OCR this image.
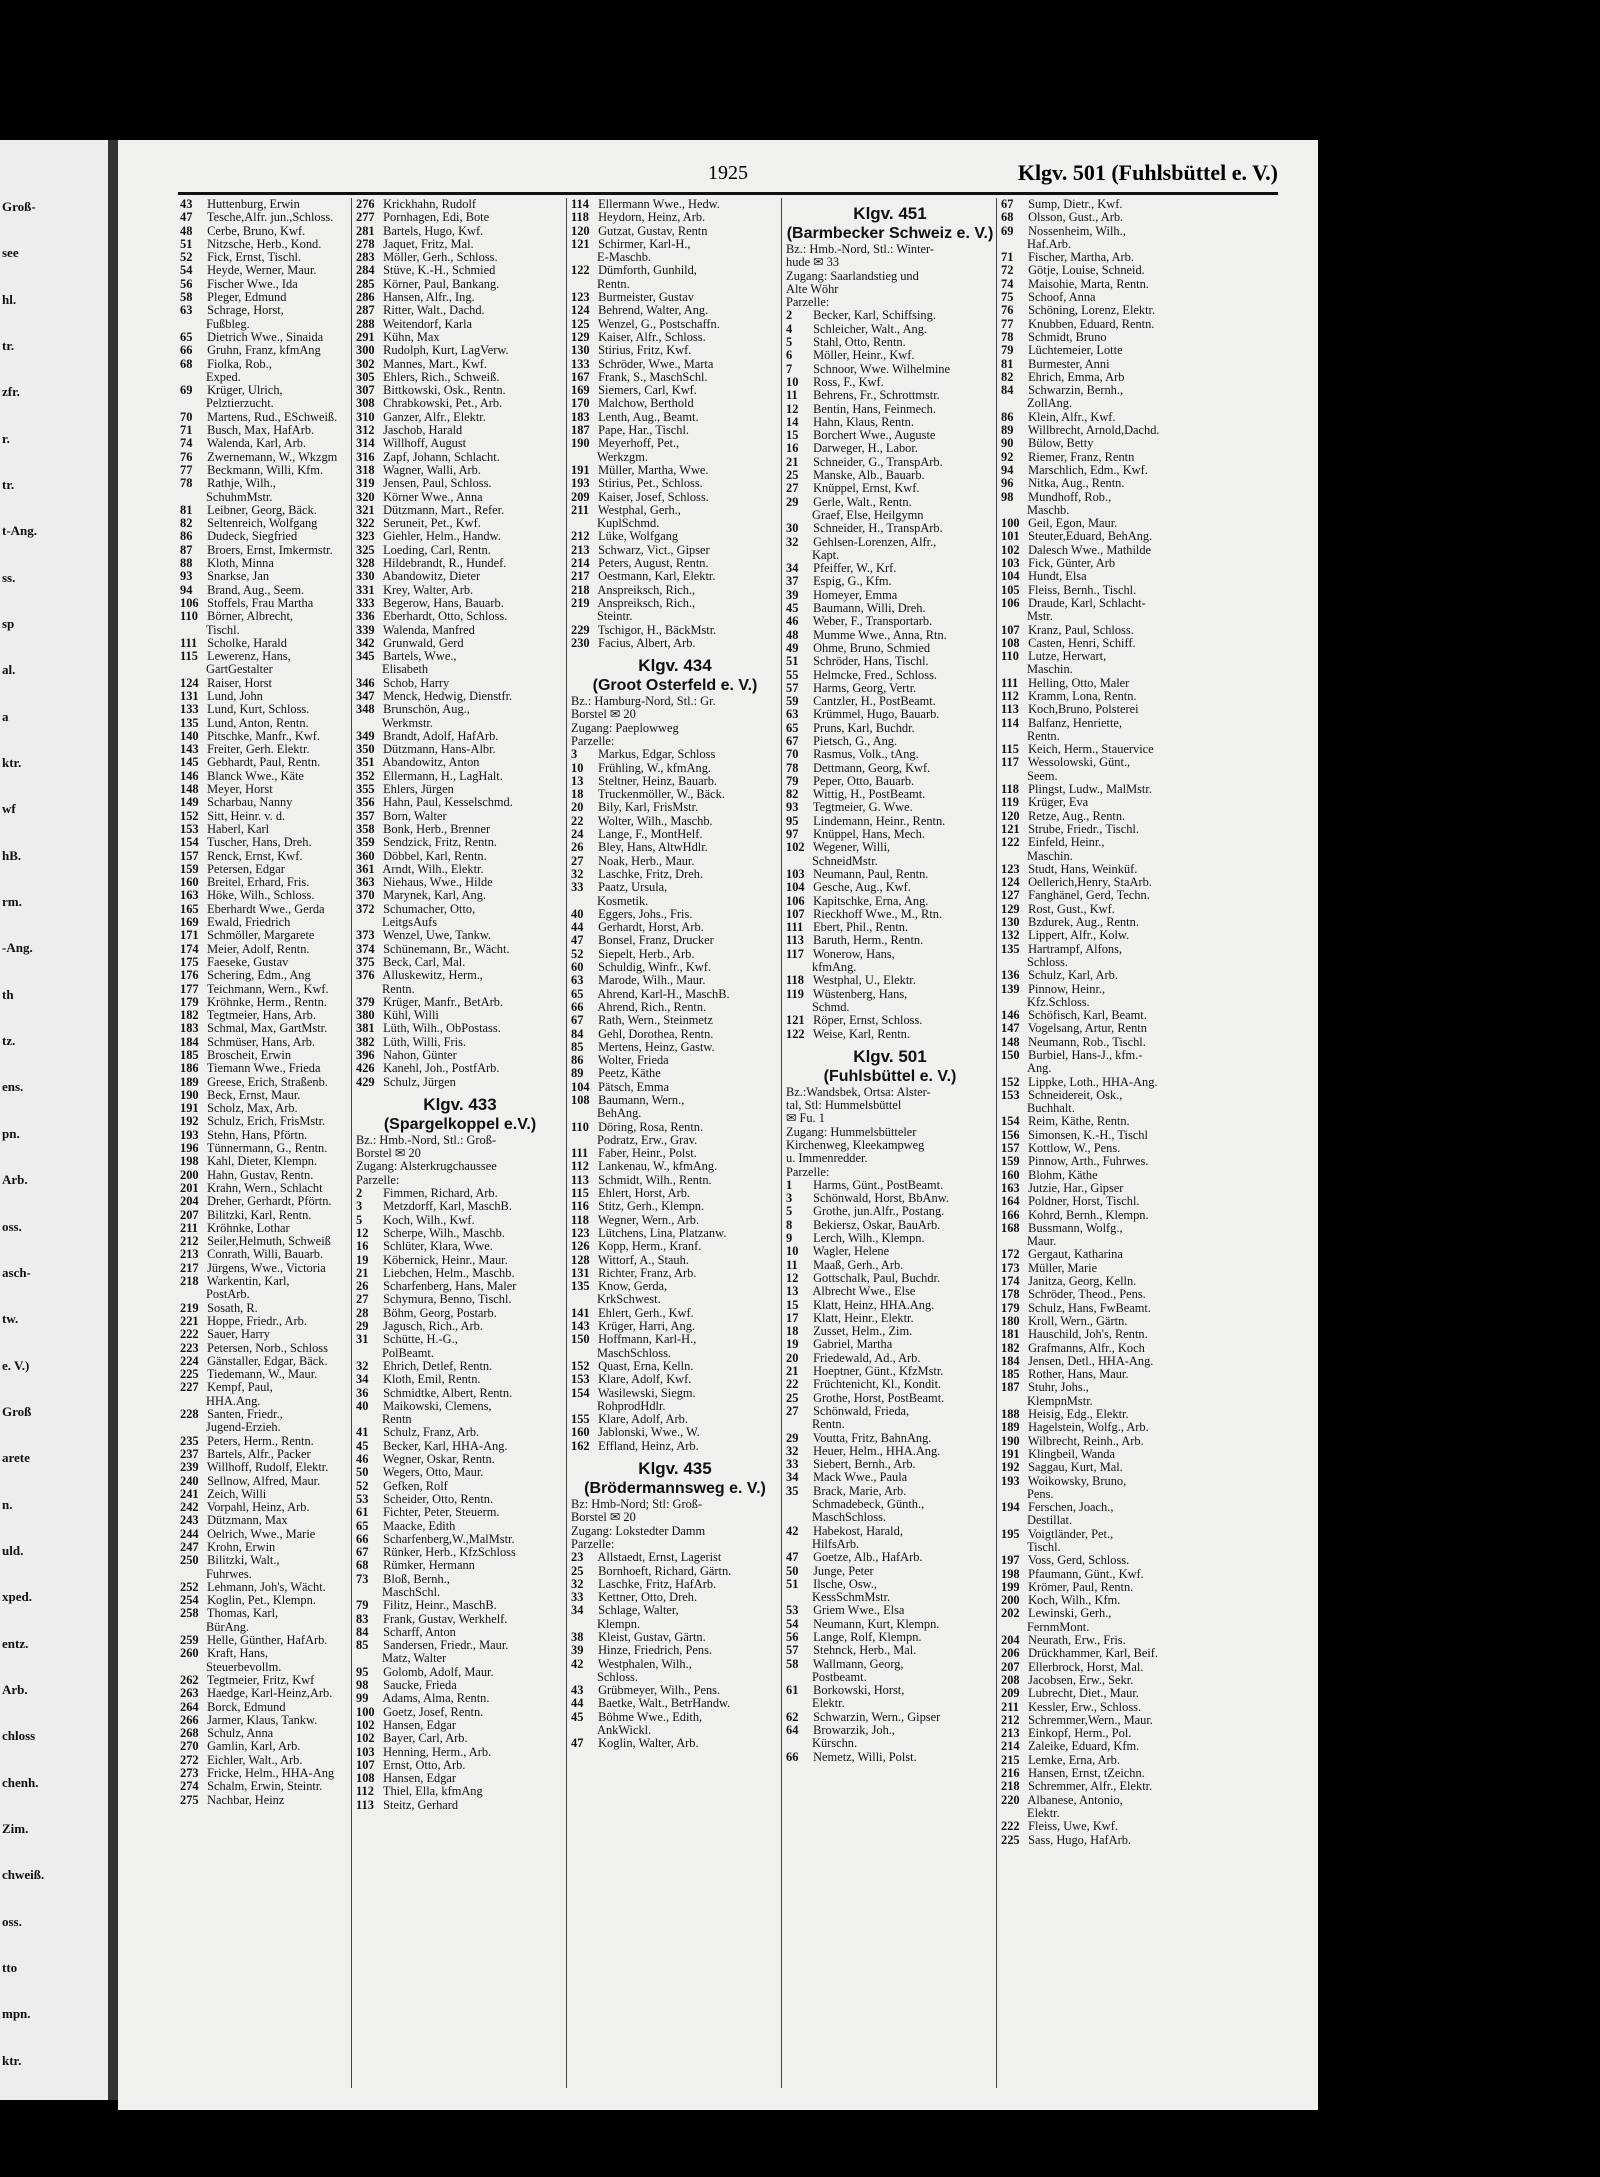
Groß-
see
hl.
tr.
zfr.
r.
tr.
t-Ang.
ss.
sp
al.
a
ktr.
wf
hB.
rm.
-Ang.
th
tz.
ens.
pn.
Arb.
oss.
asch-
tw.
e. V.)
Groß
arete
n.
uld.
xped.
entz.
Arb.
chloss
chenh.
Zim.
chweiß.
oss.
tto
mpn.
ktr.
1925	Klgv. 501 (Fuhlsbüttel e. V.)
43 Huttenburg, Erwin
47 Tesche,Alfr. jun.,Schloss.
48 Cerbe, Bruno, Kwf.
51 Nitzsche, Herb., Kond.
52 Fick, Ernst, Tischl.
54 Heyde, Werner, Maur.
56 Fischer Wwe., Ida
58 Pleger, Edmund
63 Schrage, Horst,
Fußbleg.
65 Dietrich Wwe., Sinaida
66 Gruhn, Franz, kfmAng
68 Fiolka, Rob.,
Exped.
69 Krüger, Ulrich,
Pelztierzucht.
70 Martens, Rud., ESchweiß.
71 Busch, Max, HafArb.
74 Walenda, Karl, Arb.
76 Zwernemann, W., Wkzgm
77 Beckmann, Willi, Kfm.
78 Rathje, Wilh.,
SchuhmMstr.
81 Leibner, Georg, Bäck.
82 Seltenreich, Wolfgang
86 Dudeck, Siegfried
87 Broers, Ernst, Imkermstr.
88 Kloth, Minna
93 Snarkse, Jan
94 Brand, Aug., Seem.
106 Stoffels, Frau Martha
110 Börner, Albrecht,
Tischl.
111 Scholke, Harald
115 Lewerenz, Hans,
GartGestalter
124 Raiser, Horst
131 Lund, John
133 Lund, Kurt, Schloss.
135 Lund, Anton, Rentn.
140 Pitschke, Manfr., Kwf.
143 Freiter, Gerh. Elektr.
145 Gebhardt, Paul, Rentn.
146 Blanck Wwe., Käte
148 Meyer, Horst
149 Scharbau, Nanny
152 Sitt, Heinr. v. d.
153 Haberl, Karl
154 Tuscher, Hans, Dreh.
157 Renck, Ernst, Kwf.
159 Petersen, Edgar
160 Breitel, Erhard, Fris.
163 Höke, Wilh., Schloss.
165 Eberhardt Wwe., Gerda
169 Ewald, Friedrich
171 Schmöller, Margarete
174 Meier, Adolf, Rentn.
175 Faeseke, Gustav
176 Schering, Edm., Ang
177 Teichmann, Wern., Kwf.
179 Kröhnke, Herm., Rentn.
182 Tegtmeier, Hans, Arb.
183 Schmal, Max, GartMstr.
184 Schmüser, Hans, Arb.
185 Broscheit, Erwin
186 Tiemann Wwe., Frieda
189 Greese, Erich, Straßenb.
190 Beck, Ernst, Maur.
191 Scholz, Max, Arb.
192 Schulz, Erich, FrisMstr.
193 Stehn, Hans, Pförtn.
196 Tünnermann, G., Rentn.
198 Kahl, Dieter, Klempn.
200 Hahn, Gustav, Rentn.
201 Krahn, Wern., Schlacht
204 Dreher, Gerhardt, Pförtn.
207 Bilitzki, Karl, Rentn.
211 Kröhnke, Lothar
212 Seiler,Helmuth, Schweiß
213 Conrath, Willi, Bauarb.
217 Jürgens, Wwe., Victoria
218 Warkentin, Karl,
PostArb.
219 Sosath, R.
221 Hoppe, Friedr., Arb.
222 Sauer, Harry
223 Petersen, Norb., Schloss
224 Gänstaller, Edgar, Bäck.
225 Tiedemann, W., Maur.
227 Kempf, Paul,
HHA.Ang.
228 Santen, Friedr.,
Jugend-Erzieh.
235 Peters, Herm., Rentn.
237 Bartels, Alfr., Packer
239 Willhoff, Rudolf, Elektr.
240 Sellnow, Alfred, Maur.
241 Zeich, Willi
242 Vorpahl, Heinz, Arb.
243 Dützmann, Max
244 Oelrich, Wwe., Marie
247 Krohn, Erwin
250 Bilitzki, Walt.,
Fuhrwes.
252 Lehmann, Joh's, Wächt.
254 Koglin, Pet., Klempn.
258 Thomas, Karl,
BürAng.
259 Helle, Günther, HafArb.
260 Kraft, Hans,
Steuerbevollm.
262 Tegtmeier, Fritz, Kwf
263 Haedge, Karl-Heinz,Arb.
264 Borck, Edmund
266 Jarmer, Klaus, Tankw.
268 Schulz, Anna
270 Gamlin, Karl, Arb.
272 Eichler, Walt., Arb.
273 Fricke, Helm., HHA-Ang
274 Schalm, Erwin, Steintr.
275 Nachbar, Heinz
276 Krickhahn, Rudolf
277 Pornhagen, Edi, Bote
281 Bartels, Hugo, Kwf.
278 Jaquet, Fritz, Mal.
283 Möller, Gerh., Schloss.
284 Stüve, K.-H., Schmied
285 Körner, Paul, Bankang.
286 Hansen, Alfr., Ing.
287 Ritter, Walt., Dachd.
288 Weitendorf, Karla
291 Kühn, Max
300 Rudolph, Kurt, LagVerw.
302 Mannes, Mart., Kwf.
305 Ehlers, Rich., Schweiß.
307 Bittkowski, Osk., Rentn.
308 Chrabkowski, Pet., Arb.
310 Ganzer, Alfr., Elektr.
312 Jaschob, Harald
314 Willhoff, August
316 Zapf, Johann, Schlacht.
318 Wagner, Walli, Arb.
319 Jensen, Paul, Schloss.
320 Körner Wwe., Anna
321 Dützmann, Mart., Refer.
322 Seruneit, Pet., Kwf.
323 Giehler, Helm., Handw.
325 Loeding, Carl, Rentn.
328 Hildebrandt, R., Hundef.
330 Abandowitz, Dieter
331 Krey, Walter, Arb.
333 Begerow, Hans, Bauarb.
336 Eberhardt, Otto, Schloss.
339 Walenda, Manfred
342 Grunwald, Gerd
345 Bartels, Wwe.,
Elisabeth
346 Schob, Harry
347 Menck, Hedwig, Dienstfr.
348 Brunschön, Aug.,
Werkmstr.
349 Brandt, Adolf, HafArb.
350 Dützmann, Hans-Albr.
351 Abandowitz, Anton
352 Ellermann, H., LagHalt.
355 Ehlers, Jürgen
356 Hahn, Paul, Kesselschmd.
357 Born, Walter
358 Bonk, Herb., Brenner
359 Sendzick, Fritz, Rentn.
360 Döbbel, Karl, Rentn.
361 Arndt, Wilh., Elektr.
363 Niehaus, Wwe., Hilde
370 Marynek, Karl, Ang.
372 Schumacher, Otto,
LeitgsAufs
373 Wenzel, Uwe, Tankw.
374 Schünemann, Br., Wächt.
375 Beck, Carl, Mal.
376 Alluskewitz, Herm.,
Rentn.
379 Krüger, Manfr., BetArb.
380 Kühl, Willi
381 Lüth, Wilh., ObPostass.
382 Lüth, Willi, Fris.
396 Nahon, Günter
426 Kanehl, Joh., PostfArb.
429 Schulz, Jürgen
Klgv. 433
(Spargelkoppel e.V.)
Bz.: Hmb.-Nord, Stl.: Groß-
Borstel ✉ 20
Zugang: Alsterkrugchaussee
Parzelle:
2 Fimmen, Richard, Arb.
3 Metzdorff, Karl, MaschB.
5 Koch, Wilh., Kwf.
12 Scherpe, Wilh., Maschb.
16 Schlüter, Klara, Wwe.
19 Köbernick, Heinr., Maur.
21 Liebchen, Helm., Maschb.
26 Scharfenberg, Hans, Maler
27 Schymura, Benno, Tischl.
28 Böhm, Georg, Postarb.
29 Jagusch, Rich., Arb.
31 Schütte, H.-G.,
PolBeamt.
32 Ehrich, Detlef, Rentn.
34 Kloth, Emil, Rentn.
36 Schmidtke, Albert, Rentn.
40 Maikowski, Clemens,
Rentn
41 Schulz, Franz, Arb.
45 Becker, Karl, HHA-Ang.
46 Wegner, Oskar, Rentn.
50 Wegers, Otto, Maur.
52 Gefken, Rolf
53 Scheider, Otto, Rentn.
61 Fichter, Peter, Steuerm.
65 Maacke, Edith
66 Scharfenberg,W.,MalMstr.
67 Rünker, Herb., KfzSchloss
68 Rümker, Hermann
73 Bloß, Bernh.,
MaschSchl.
79 Filitz, Heinr., MaschB.
83 Frank, Gustav, Werkhelf.
84 Scharff, Anton
85 Sandersen, Friedr., Maur.
Matz, Walter
95 Golomb, Adolf, Maur.
98 Saucke, Frieda
99 Adams, Alma, Rentn.
100 Goetz, Josef, Rentn.
102 Hansen, Edgar
102 Bayer, Carl, Arb.
103 Henning, Herm., Arb.
107 Ernst, Otto, Arb.
108 Hansen, Edgar
112 Thiel, Ella, kfmAng
113 Steitz, Gerhard
114 Ellermann Wwe., Hedw.
118 Heydorn, Heinz, Arb.
120 Gutzat, Gustav, Rentn
121 Schirmer, Karl-H.,
E-Maschb.
122 Dümforth, Gunhild,
Rentn.
123 Burmeister, Gustav
124 Behrend, Walter, Ang.
125 Wenzel, G., Postschaffn.
129 Kaiser, Alfr., Schloss.
130 Stirius, Fritz, Kwf.
133 Schröder, Wwe., Marta
167 Frank, S., MaschSchl.
169 Siemers, Carl, Kwf.
170 Malchow, Berthold
183 Lenth, Aug., Beamt.
187 Pape, Har., Tischl.
190 Meyerhoff, Pet.,
Werkzgm.
191 Müller, Martha, Wwe.
193 Stirius, Pet., Schloss.
209 Kaiser, Josef, Schloss.
211 Westphal, Gerh.,
KuplSchmd.
212 Lüke, Wolfgang
213 Schwarz, Vict., Gipser
214 Peters, August, Rentn.
217 Oestmann, Karl, Elektr.
218 Anspreiksch, Rich.,
219 Anspreiksch, Rich.,
Steintr.
229 Tschigor, H., BäckMstr.
230 Facius, Albert, Arb.
Klgv. 434
(Groot Osterfeld e. V.)
Bz.: Hamburg-Nord, Stl.: Gr.
Borstel ✉ 20
Zugang: Paeplowweg
Parzelle:
3 Markus, Edgar, Schloss
10 Frühling, W., kfmAng.
13 Steltner, Heinz, Bauarb.
18 Truckenmöller, W., Bäck.
20 Bily, Karl, FrisMstr.
22 Wolter, Wilh., Maschb.
24 Lange, F., MontHelf.
26 Bley, Hans, AltwHdlr.
27 Noak, Herb., Maur.
32 Laschke, Fritz, Dreh.
33 Paatz, Ursula,
Kosmetik.
40 Eggers, Johs., Fris.
44 Gerhardt, Horst, Arb.
47 Bonsel, Franz, Drucker
52 Siepelt, Herb., Arb.
60 Schuldig, Winfr., Kwf.
63 Marode, Wilh., Maur.
65 Ahrend, Karl-H., MaschB.
66 Ahrend, Rich., Rentn.
67 Rath, Wern., Steinmetz
84 Gehl, Dorothea, Rentn.
85 Mertens, Heinz, Gastw.
86 Wolter, Frieda
89 Peetz, Käthe
104 Pätsch, Emma
108 Baumann, Wern.,
BehAng.
110 Döring, Rosa, Rentn.
Podratz, Erw., Grav.
111 Faber, Heinr., Polst.
112 Lankenau, W., kfmAng.
113 Schmidt, Wilh., Rentn.
115 Ehlert, Horst, Arb.
116 Stitz, Gerh., Klempn.
118 Wegner, Wern., Arb.
123 Lütchens, Lina, Platzanw.
126 Kopp, Herm., Kranf.
128 Wittorf, A., Stauh.
131 Richter, Franz, Arb.
135 Know, Gerda,
KrkSchwest.
141 Ehlert, Gerh., Kwf.
143 Krüger, Harri, Ang.
150 Hoffmann, Karl-H.,
MaschSchloss.
152 Quast, Erna, Kelln.
153 Klare, Adolf, Kwf.
154 Wasilewski, Siegm.
RohprodHdlr.
155 Klare, Adolf, Arb.
160 Jablonski, Wwe., W.
162 Effland, Heinz, Arb.
Klgv. 435
(Brödermannsweg e. V.)
Bz: Hmb-Nord; Stl: Groß-
Borstel ✉ 20
Zugang: Lokstedter Damm
Parzelle:
23 Allstaedt, Ernst, Lagerist
25 Bornhoeft, Richard, Gärtn.
32 Laschke, Fritz, HafArb.
33 Kettner, Otto, Dreh.
34 Schlage, Walter,
Klempn.
38 Kleist, Gustav, Gärtn.
39 Hinze, Friedrich, Pens.
42 Westphalen, Wilh.,
Schloss.
43 Grübmeyer, Wilh., Pens.
44 Baetke, Walt., BetrHandw.
45 Böhme Wwe., Edith,
AnkWickl.
47 Koglin, Walter, Arb.
Klgv. 451
(Barmbecker Schweiz e. V.)
Bz.: Hmb.-Nord, Stl.: Winter-
hude ✉ 33
Zugang: Saarlandstieg und
Alte Wöhr
Parzelle:
2 Becker, Karl, Schiffsing.
4 Schleicher, Walt., Ang.
5 Stahl, Otto, Rentn.
6 Möller, Heinr., Kwf.
7 Schnoor, Wwe. Wilhelmine
10 Ross, F., Kwf.
11 Behrens, Fr., Schrottmstr.
12 Bentin, Hans, Feinmech.
14 Hahn, Klaus, Rentn.
15 Borchert Wwe., Auguste
16 Darweger, H., Labor.
21 Schneider, G., TranspArb.
25 Manske, Alb., Bauarb.
27 Knüppel, Ernst, Kwf.
29 Gerle, Walt., Rentn.
Graef, Else, Heilgymn
30 Schneider, H., TranspArb.
32 Gehlsen-Lorenzen, Alfr.,
Kapt.
34 Pfeiffer, W., Krf.
37 Espig, G., Kfm.
39 Homeyer, Emma
45 Baumann, Willi, Dreh.
46 Weber, F., Transportarb.
48 Mumme Wwe., Anna, Rtn.
49 Ohme, Bruno, Schmied
51 Schröder, Hans, Tischl.
55 Helmcke, Fred., Schloss.
57 Harms, Georg, Vertr.
59 Cantzler, H., PostBeamt.
63 Krümmel, Hugo, Bauarb.
65 Pruns, Karl, Buchdr.
67 Pietsch, G., Ang.
70 Rasmus, Volk., tAng.
78 Dettmann, Georg, Kwf.
79 Peper, Otto, Bauarb.
82 Wittig, H., PostBeamt.
93 Tegtmeier, G. Wwe.
95 Lindemann, Heinr., Rentn.
97 Knüppel, Hans, Mech.
102 Wegener, Willi,
SchneidMstr.
103 Neumann, Paul, Rentn.
104 Gesche, Aug., Kwf.
106 Kapitschke, Erna, Ang.
107 Rieckhoff Wwe., M., Rtn.
111 Ebert, Phil., Rentn.
113 Baruth, Herm., Rentn.
117 Wonerow, Hans,
kfmAng.
118 Westphal, U., Elektr.
119 Wüstenberg, Hans,
Schmd.
121 Röper, Ernst, Schloss.
122 Weise, Karl, Rentn.
Klgv. 501
(Fuhlsbüttel e. V.)
Bz.:Wandsbek, Ortsa: Alster-
tal, Stl: Hummelsbüttel
✉ Fu. 1
Zugang: Hummelsbütteler
Kirchenweg, Kleekampweg
u. Immenredder.
Parzelle:
1 Harms, Günt., PostBeamt.
3 Schönwald, Horst, BbAnw.
5 Grothe, jun.Alfr., Postang.
8 Bekiersz, Oskar, BauArb.
9 Lerch, Wilh., Klempn.
10 Wagler, Helene
11 Maaß, Gerh., Arb.
12 Gottschalk, Paul, Buchdr.
13 Albrecht Wwe., Else
15 Klatt, Heinz, HHA.Ang.
17 Klatt, Heinr., Elektr.
18 Zusset, Helm., Zim.
19 Gabriel, Martha
20 Friedewald, Ad., Arb.
21 Hoeptner, Günt., KfzMstr.
22 Früchtenicht, Kl., Kondit.
25 Grothe, Horst, PostBeamt.
27 Schönwald, Frieda,
Rentn.
29 Voutta, Fritz, BahnAng.
32 Heuer, Helm., HHA.Ang.
33 Siebert, Bernh., Arb.
34 Mack Wwe., Paula
35 Brack, Marie, Arb.
Schmadebeck, Günth.,
MaschSchloss.
42 Habekost, Harald,
HilfsArb.
47 Goetze, Alb., HafArb.
50 Junge, Peter
51 Ilsche, Osw.,
KessSchmMstr.
53 Griem Wwe., Elsa
54 Neumann, Kurt, Klempn.
56 Lange, Rolf, Klempn.
57 Stehnck, Herb., Mal.
58 Wallmann, Georg,
Postbeamt.
61 Borkowski, Horst,
Elektr.
62 Schwarzin, Wern., Gipser
64 Browarzik, Joh.,
Kürschn.
66 Nemetz, Willi, Polst.
67 Sump, Dietr., Kwf.
68 Olsson, Gust., Arb.
69 Nossenheim, Wilh.,
Haf.Arb.
71 Fischer, Martha, Arb.
72 Götje, Louise, Schneid.
74 Maisohie, Marta, Rentn.
75 Schoof, Anna
76 Schöning, Lorenz, Elektr.
77 Knubben, Eduard, Rentn.
78 Schmidt, Bruno
79 Lüchtemeier, Lotte
81 Burmester, Anni
82 Ehrich, Emma, Arb
84 Schwarzin, Bernh.,
ZollAng.
86 Klein, Alfr., Kwf.
89 Willbrecht, Arnold,Dachd.
90 Bülow, Betty
92 Riemer, Franz, Rentn
94 Marschlich, Edm., Kwf.
96 Nitka, Aug., Rentn.
98 Mundhoff, Rob.,
Maschb.
100 Geil, Egon, Maur.
101 Steuter,Eduard, BehAng.
102 Dalesch Wwe., Mathilde
103 Fick, Günter, Arb
104 Hundt, Elsa
105 Fleiss, Bernh., Tischl.
106 Draude, Karl, Schlacht-
Mstr.
107 Kranz, Paul, Schloss.
108 Casten, Henri, Schiff.
110 Lutze, Herwart,
Maschin.
111 Helling, Otto, Maler
112 Kramm, Lona, Rentn.
113 Koch,Bruno, Polsterei
114 Balfanz, Henriette,
Rentn.
115 Keich, Herm., Stauervice
117 Wessolowski, Günt.,
Seem.
118 Plingst, Ludw., MalMstr.
119 Krüger, Eva
120 Retze, Aug., Rentn.
121 Strube, Friedr., Tischl.
122 Einfeld, Heinr.,
Maschin.
123 Studt, Hans, Weinküf.
124 Oellerich,Henry, StaArb.
127 Fanghänel, Gerd, Techn.
129 Rost, Gust., Kwf.
130 Bzdurek, Aug., Rentn.
132 Lippert, Alfr., Kolw.
135 Hartrampf, Alfons,
Schloss.
136 Schulz, Karl, Arb.
139 Pinnow, Heinr.,
Kfz.Schloss.
146 Schöfisch, Karl, Beamt.
147 Vogelsang, Artur, Rentn
148 Neumann, Rob., Tischl.
150 Burbiel, Hans-J., kfm.-
Ang.
152 Lippke, Loth., HHA-Ang.
153 Schneidereit, Osk.,
Buchhalt.
154 Reim, Käthe, Rentn.
156 Simonsen, K.-H., Tischl
157 Kottlow, W., Pens.
159 Pinnow, Arth., Fuhrwes.
160 Blohm, Käthe
163 Jutzie, Har., Gipser
164 Poldner, Horst, Tischl.
166 Kohrd, Bernh., Klempn.
168 Bussmann, Wolfg.,
Maur.
172 Gergaut, Katharina
173 Müller, Marie
174 Janitza, Georg, Kelln.
178 Schröder, Theod., Pens.
179 Schulz, Hans, FwBeamt.
180 Kroll, Wern., Gärtn.
181 Hauschild, Joh's, Rentn.
182 Grafmanns, Alfr., Koch
184 Jensen, Detl., HHA-Ang.
185 Rother, Hans, Maur.
187 Stuhr, Johs.,
KlempnMstr.
188 Heisig, Edg., Elektr.
189 Hagelstein, Wolfg., Arb.
190 Wilbrecht, Reinh., Arb.
191 Klingbeil, Wanda
192 Saggau, Kurt, Mal.
193 Woikowsky, Bruno,
Pens.
194 Ferschen, Joach.,
Destillat.
195 Voigtländer, Pet.,
Tischl.
197 Voss, Gerd, Schloss.
198 Pfaumann, Günt., Kwf.
199 Krömer, Paul, Rentn.
200 Koch, Wilh., Kfm.
202 Lewinski, Gerh.,
FernmMont.
204 Neurath, Erw., Fris.
206 Drückhammer, Karl, Beif.
207 Ellerbrock, Horst, Mal.
208 Jacobsen, Erw., Sekr.
209 Lubrecht, Diet., Maur.
211 Kessler, Erw., Schloss.
212 Schremmer,Wern., Maur.
213 Einkopf, Herm., Pol.
214 Zaleike, Eduard, Kfm.
215 Lemke, Erna, Arb.
216 Hansen, Ernst, tZeichn.
218 Schremmer, Alfr., Elektr.
220 Albanese, Antonio,
Elektr.
222 Fleiss, Uwe, Kwf.
225 Sass, Hugo, HafArb.
